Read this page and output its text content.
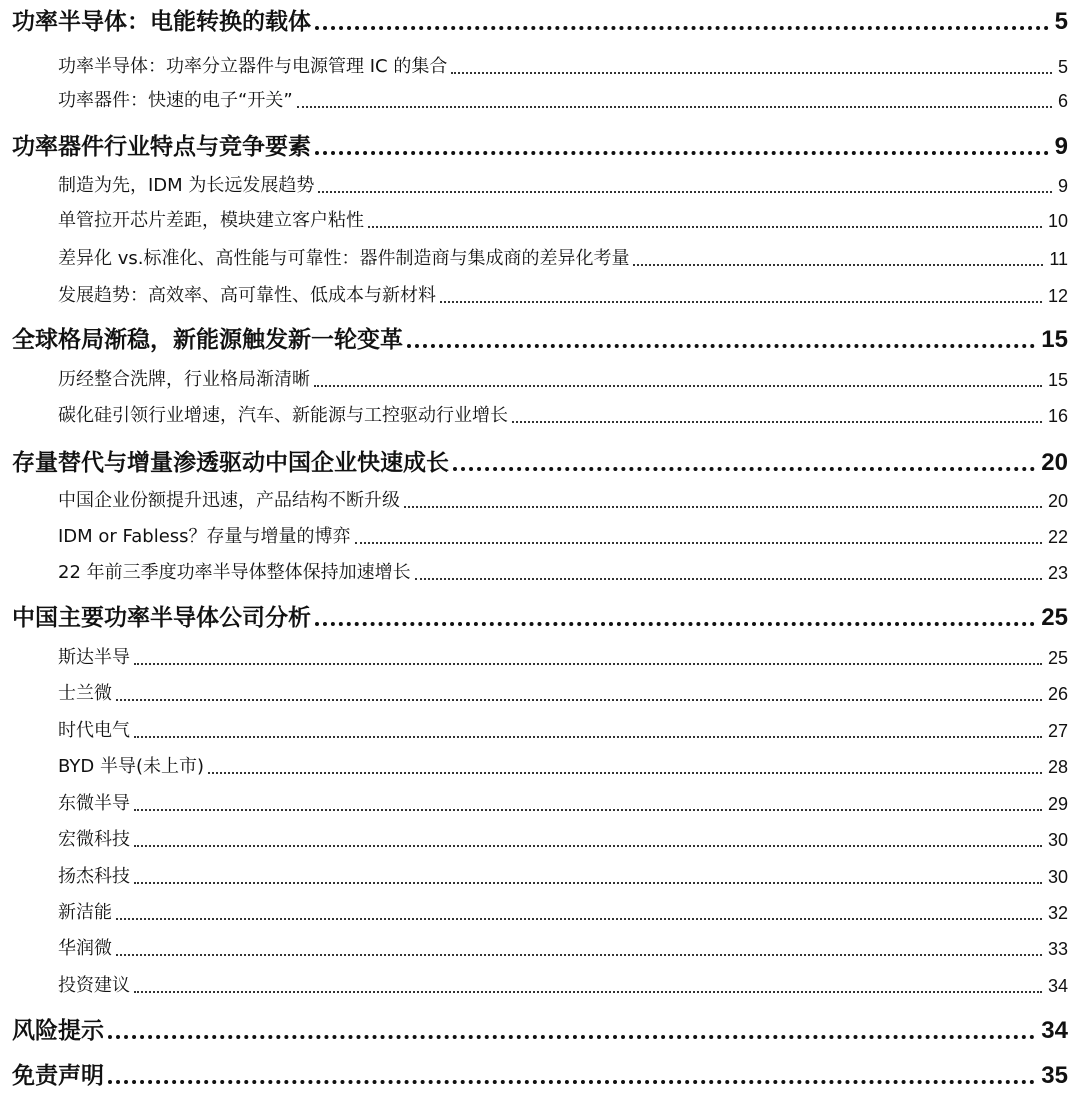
功率半导体：电能转换的载体	5
功率半导体：功率分立器件与电源管理 IC 的集合	5
功率器件：快速的电子“开关”	6
功率器件行业特点与竞争要素	9
制造为先，IDM 为长远发展趋势	9
单管拉开芯片差距，模块建立客户粘性	10
差异化 vs.标准化、高性能与可靠性：器件制造商与集成商的差异化考量	11
发展趋势：高效率、高可靠性、低成本与新材料	12
全球格局渐稳，新能源触发新一轮变革	15
历经整合洗牌，行业格局渐清晰	15
碳化硅引领行业增速，汽车、新能源与工控驱动行业增长	16
存量替代与增量渗透驱动中国企业快速成长	20
中国企业份额提升迅速，产品结构不断升级	20
IDM or Fabless？存量与增量的博弈	22
22 年前三季度功率半导体整体保持加速增长	23
中国主要功率半导体公司分析	25
斯达半导	25
士兰微	26
时代电气	27
BYD 半导(未上市)	28
东微半导	29
宏微科技	30
扬杰科技	30
新洁能	32
华润微	33
投资建议	34
风险提示	34
免责声明	35
